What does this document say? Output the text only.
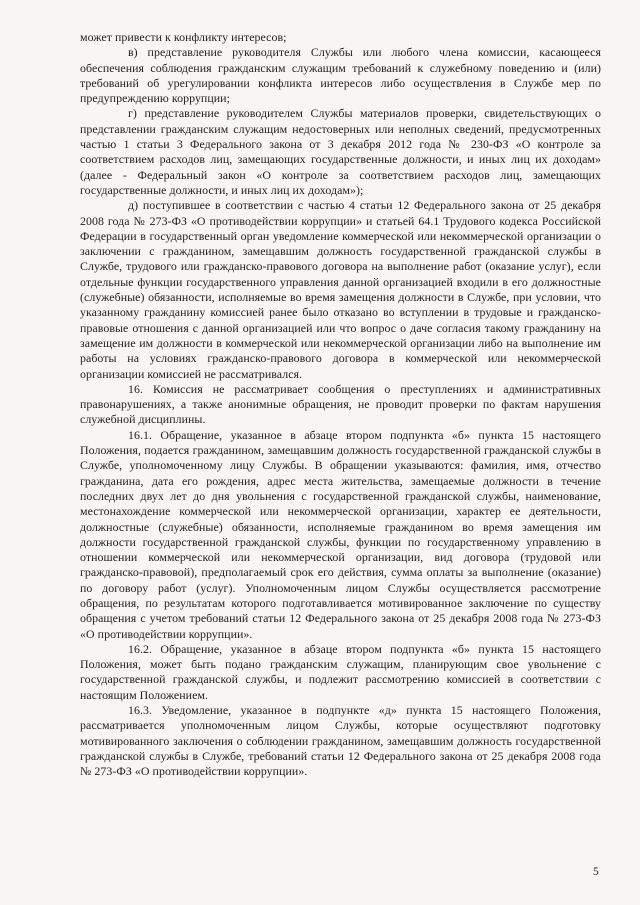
может привести к конфликту интересов;

в) представление руководителя Службы или любого члена комиссии, касающееся обеспечения соблюдения гражданским служащим требований к служебному поведению и (или) требований об урегулировании конфликта интересов либо осуществления в Службе мер по предупреждению коррупции;

г) представление руководителем Службы материалов проверки, свидетельствующих о представлении гражданским служащим недостоверных или неполных сведений, предусмотренных частью 1 статьи 3 Федерального закона от 3 декабря 2012 года № 230-ФЗ «О контроле за соответствием расходов лиц, замещающих государственные должности, и иных лиц их доходам» (далее - Федеральный закон «О контроле за соответствием расходов лиц, замещающих государственные должности, и иных лиц их доходам»);

д) поступившее в соответствии с частью 4 статьи 12 Федерального закона от 25 декабря 2008 года № 273-ФЗ «О противодействии коррупции» и статьей 64.1 Трудового кодекса Российской Федерации в государственный орган уведомление коммерческой или некоммерческой организации о заключении с гражданином, замещавшим должность государственной гражданской службы в Службе, трудового или гражданско-правового договора на выполнение работ (оказание услуг), если отдельные функции государственного управления данной организацией входили в его должностные (служебные) обязанности, исполняемые во время замещения должности в Службе, при условии, что указанному гражданину комиссией ранее было отказано во вступлении в трудовые и гражданско-правовые отношения с данной организацией или что вопрос о даче согласия такому гражданину на замещение им должности в коммерческой или некоммерческой организации либо на выполнение им работы на условиях гражданско-правового договора в коммерческой или некоммерческой организации комиссией не рассматривался.

16. Комиссия не рассматривает сообщения о преступлениях и административных правонарушениях, а также анонимные обращения, не проводит проверки по фактам нарушения служебной дисциплины.

16.1. Обращение, указанное в абзаце втором подпункта «б» пункта 15 настоящего Положения, подается гражданином, замещавшим должность государственной гражданской службы в Службе, уполномоченному лицу Службы. В обращении указываются: фамилия, имя, отчество гражданина, дата его рождения, адрес места жительства, замещаемые должности в течение последних двух лет до дня увольнения с государственной гражданской службы, наименование, местонахождение коммерческой или некоммерческой организации, характер ее деятельности, должностные (служебные) обязанности, исполняемые гражданином во время замещения им должности государственной гражданской службы, функции по государственному управлению в отношении коммерческой или некоммерческой организации, вид договора (трудовой или гражданско-правовой), предполагаемый срок его действия, сумма оплаты за выполнение (оказание) по договору работ (услуг). Уполномоченным лицом Службы осуществляется рассмотрение обращения, по результатам которого подготавливается мотивированное заключение по существу обращения с учетом требований статьи 12 Федерального закона от 25 декабря 2008 года № 273-ФЗ «О противодействии коррупции».

16.2. Обращение, указанное в абзаце втором подпункта «б» пункта 15 настоящего Положения, может быть подано гражданским служащим, планирующим свое увольнение с государственной гражданской службы, и подлежит рассмотрению комиссией в соответствии с настоящим Положением.

16.3. Уведомление, указанное в подпункте «д» пункта 15 настоящего Положения, рассматривается уполномоченным лицом Службы, которые осуществляют подготовку мотивированного заключения о соблюдении гражданином, замещавшим должность государственной гражданской службы в Службе, требований статьи 12 Федерального закона от 25 декабря 2008 года № 273-ФЗ «О противодействии коррупции».

5
